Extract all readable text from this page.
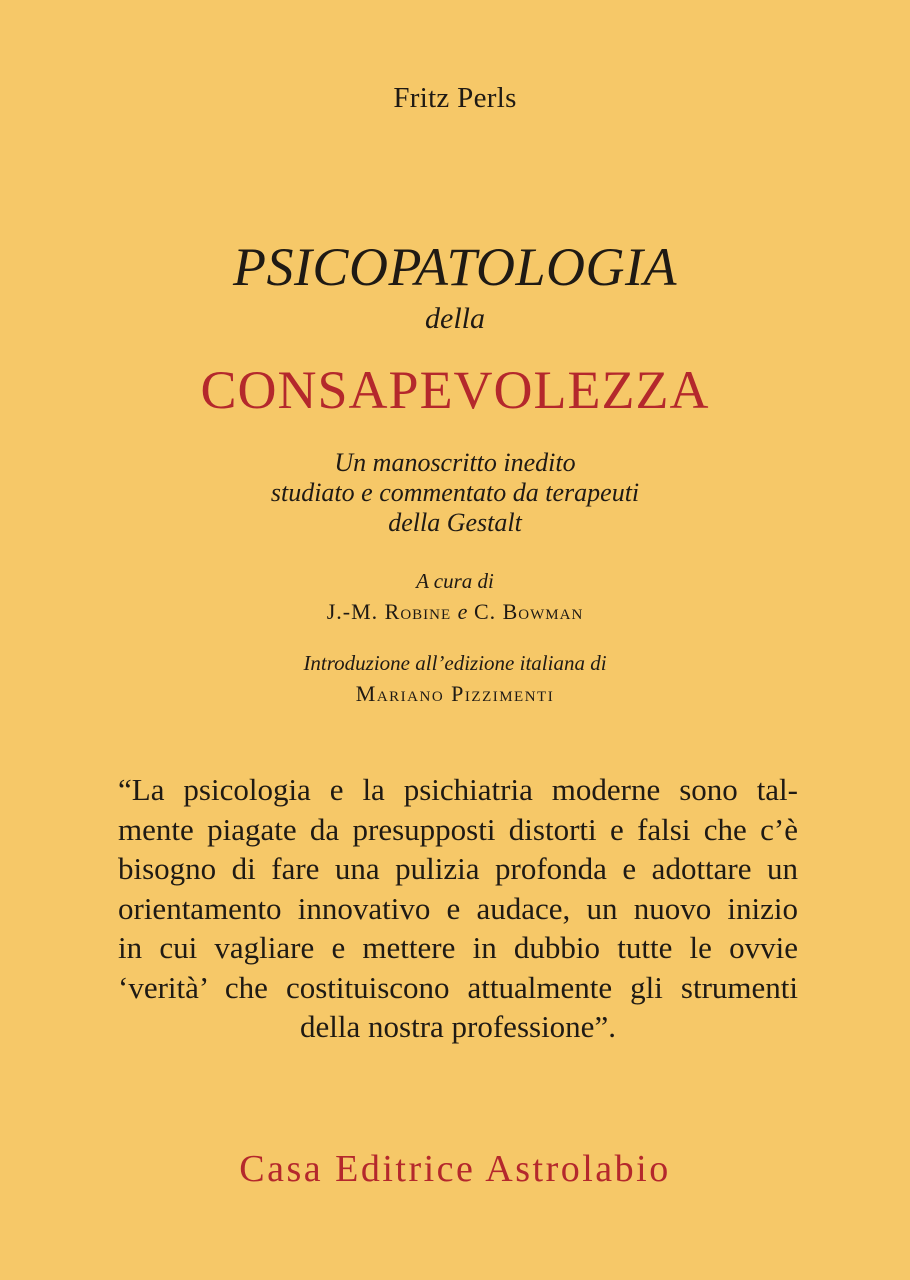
Fritz Perls
PSICOPATOLOGIA
della
CONSAPEVOLEZZA
Un manoscritto inedito
studiato e commentato da terapeuti
della Gestalt
A cura di
J.-M. Robine e C. Bowman
Introduzione all’edizione italiana di
Mariano Pizzimenti
“La psicologia e la psichiatria moderne sono tal-
mente piagate da presupposti distorti e falsi che c’è
bisogno di fare una pulizia profonda e adottare un
orientamento innovativo e audace, un nuovo inizio
in cui vagliare e mettere in dubbio tutte le ovvie
‘verità’ che costituiscono attualmente gli strumenti
della nostra professione”.
Casa Editrice Astrolabio
